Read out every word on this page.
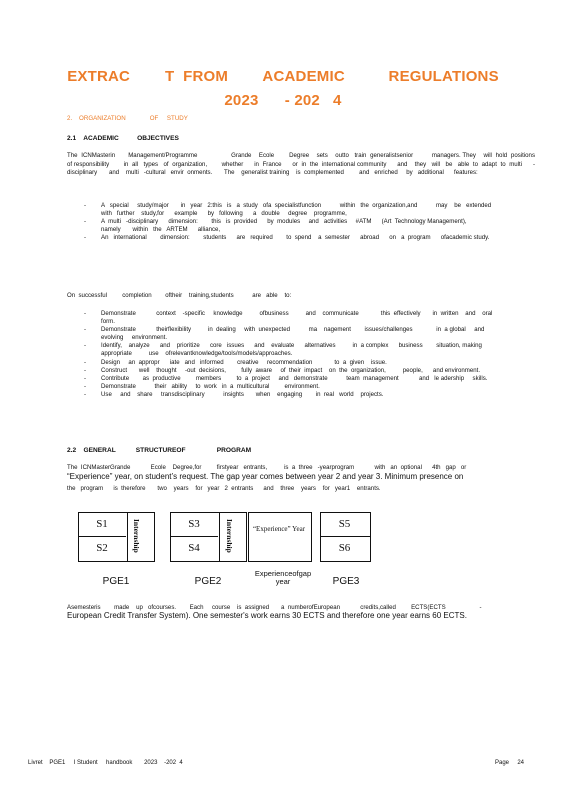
EXTRAC        T  FROM        ACADEMIC          REGULATIONS
2023      - 202   4
2.    ORGANIZATION              OF     STUDY
2.1    ACADEMIC          OBJECTIVES
The  ICNMasterin       Management/Programme                  Grande    Ecole        Degree    sets    outto   train  generalistsenior          managers. They    will  hold  positions     of responsibility        in  all   types   of  organization,        whether      in  France      or  in  the  international community      and    they   will   be   able  to  adapt  to  multi      -disciplinary       and    multi   -cultural   envir  onments.       The    generalist training    is  complemented         and   enriched     by   additional      features:
- A   special     study/major       in   year   2:this   is   a  study   ofa  specialistfunction           within   the  organization,and           may    be   extended      with   further    study,for      example      by   following      a   double     degree    programme,
- A  multi   -disciplinary      dimension:        this   is  provided      by  modules     and   activities     #ATM      (Art  Technology Management),          namely       within   the   ARTEM      alliance,
- An   international        dimension:        students      are   required        to  spend    a  semester      abroad      on   a  program      ofacademic study.
On  successful         completion        oftheir    training,students           are   able    to:
- Demonstrate            context    -specific     knowledge          ofbusiness          and    communicate             this  effectively       in  written    and    oral form.
- Demonstrate            theirflexibility          in  dealing     with  unexpected           ma    nagement        issues/challenges              in  a global     and evolving     environment.
- Identify,    analyze      and    prioritize      core   issues      and    evaluate      alternatives          in  a complex      business        situation, making      appropriate          use    ofrelevantknowledge/tools/models/approaches.
- Design     an  appropr      iate   and   informed        creative     recommendation             to  a  given    issue.
- Construct       well    thought     -out  decisions,         fully  aware     of  their  impact    on  the  organization,          people,      and environment.
- Contribute        as  productive         members         to  a  project     and   demonstrate           team  management            and   le adership     skills.
- Demonstrate           their   ability     to  work   in  a  multicultural         environment.
- Use     and    share     transdisciplinary           insights       when    engaging        in  real   world    projects.
2.2    GENERAL           STRUCTUREOF                 PROGRAM
The  ICNMasterGrande            Ecole    Degree,for         firstyear   entrants,          is  a  three   -yearprogram            with   an  optional      4th   gap   or
“Experience” year, on student’s request. The gap year comes between year 2 and year 3. Minimum presence on
the   program      is  therefore       two    years    for   year   2  entrants      and    three    years    for   year1    entrants.
S1
S2	Internship	S3
S4	Internship	“Experience” Year	S5
S6
PGE1	PGE2
Experienceofgap year	PGE3
Asemesteris        made    up   ofcourses.        Each     course    is  assigned       a  numberofEuropean            credits,called         ECTS(ECTS                    -
European Credit Transfer System). One semester's work earns 30 ECTS and therefore one year earns 60 ECTS.
Livret    PGE1     I Student     handbook       2023    -202  4	Page     24
